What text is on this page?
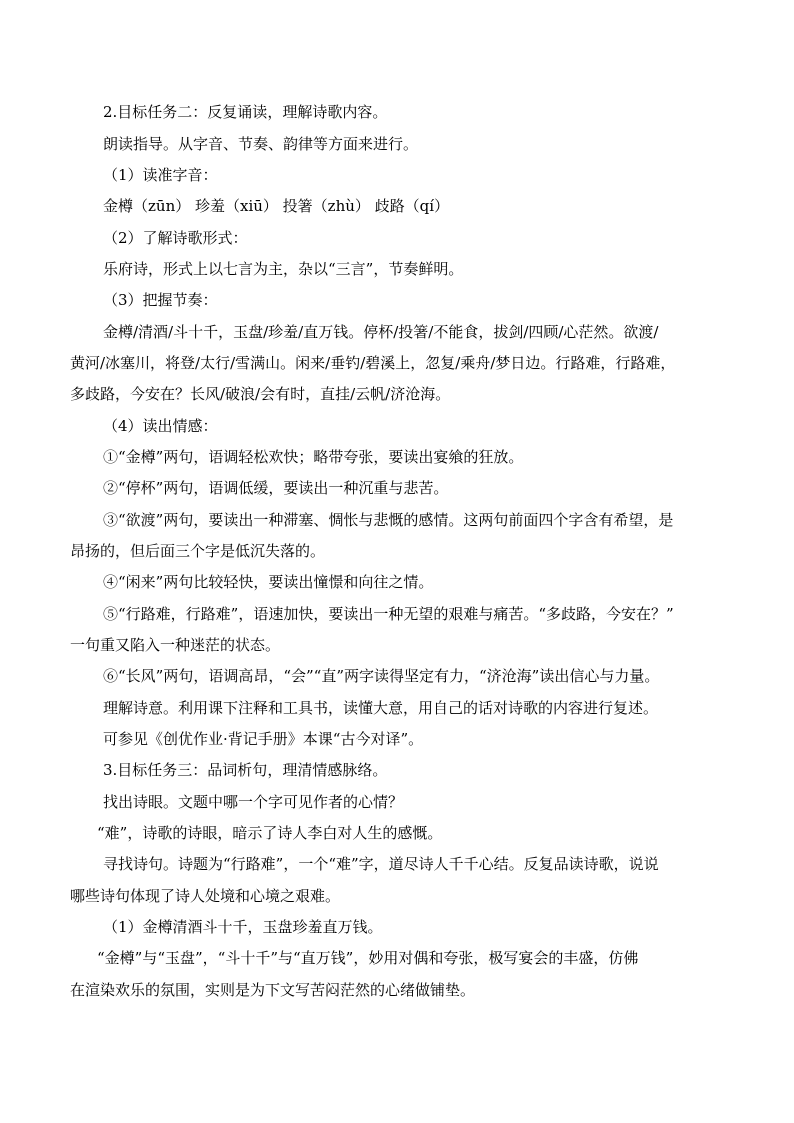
2.目标任务二：反复诵读，理解诗歌内容。
朗读指导。从字音、节奏、韵律等方面来进行。
（1）读准字音：
金樽（zūn） 珍羞（xiū） 投箸（zhù） 歧路（qí）
（2）了解诗歌形式：
乐府诗，形式上以七言为主，杂以“三言”，节奏鲜明。
（3）把握节奏：
金樽/清酒/斗十千，玉盘/珍羞/直万钱。停杯/投箸/不能食，拔剑/四顾/心茫然。欲渡/
黄河/冰塞川，将登/太行/雪满山。闲来/垂钓/碧溪上，忽复/乘舟/梦日边。行路难，行路难，
多歧路，今安在？长风/破浪/会有时，直挂/云帆/济沧海。
（4）读出情感：
①“金樽”两句，语调轻松欢快；略带夸张，要读出宴飨的狂放。
②“停杯”两句，语调低缓，要读出一种沉重与悲苦。
③“欲渡”两句，要读出一种滞塞、惆怅与悲慨的感情。这两句前面四个字含有希望，是
昂扬的，但后面三个字是低沉失落的。
④“闲来”两句比较轻快，要读出憧憬和向往之情。
⑤“行路难，行路难”，语速加快，要读出一种无望的艰难与痛苦。“多歧路，今安在？”
一句重又陷入一种迷茫的状态。
⑥“长风”两句，语调高昂，“会”“直”两字读得坚定有力，“济沧海”读出信心与力量。
理解诗意。利用课下注释和工具书，读懂大意，用自己的话对诗歌的内容进行复述。
可参见《创优作业·背记手册》本课“古今对译”。
3.目标任务三：品词析句，理清情感脉络。
找出诗眼。文题中哪一个字可见作者的心情？
“难”，诗歌的诗眼，暗示了诗人李白对人生的感慨。
寻找诗句。诗题为“行路难”，一个“难”字，道尽诗人千千心结。反复品读诗歌，说说
哪些诗句体现了诗人处境和心境之艰难。
（1）金樽清酒斗十千，玉盘珍羞直万钱。
“金樽”与“玉盘”，“斗十千”与“直万钱”，妙用对偶和夸张，极写宴会的丰盛，仿佛
在渲染欢乐的氛围，实则是为下文写苦闷茫然的心绪做铺垫。
